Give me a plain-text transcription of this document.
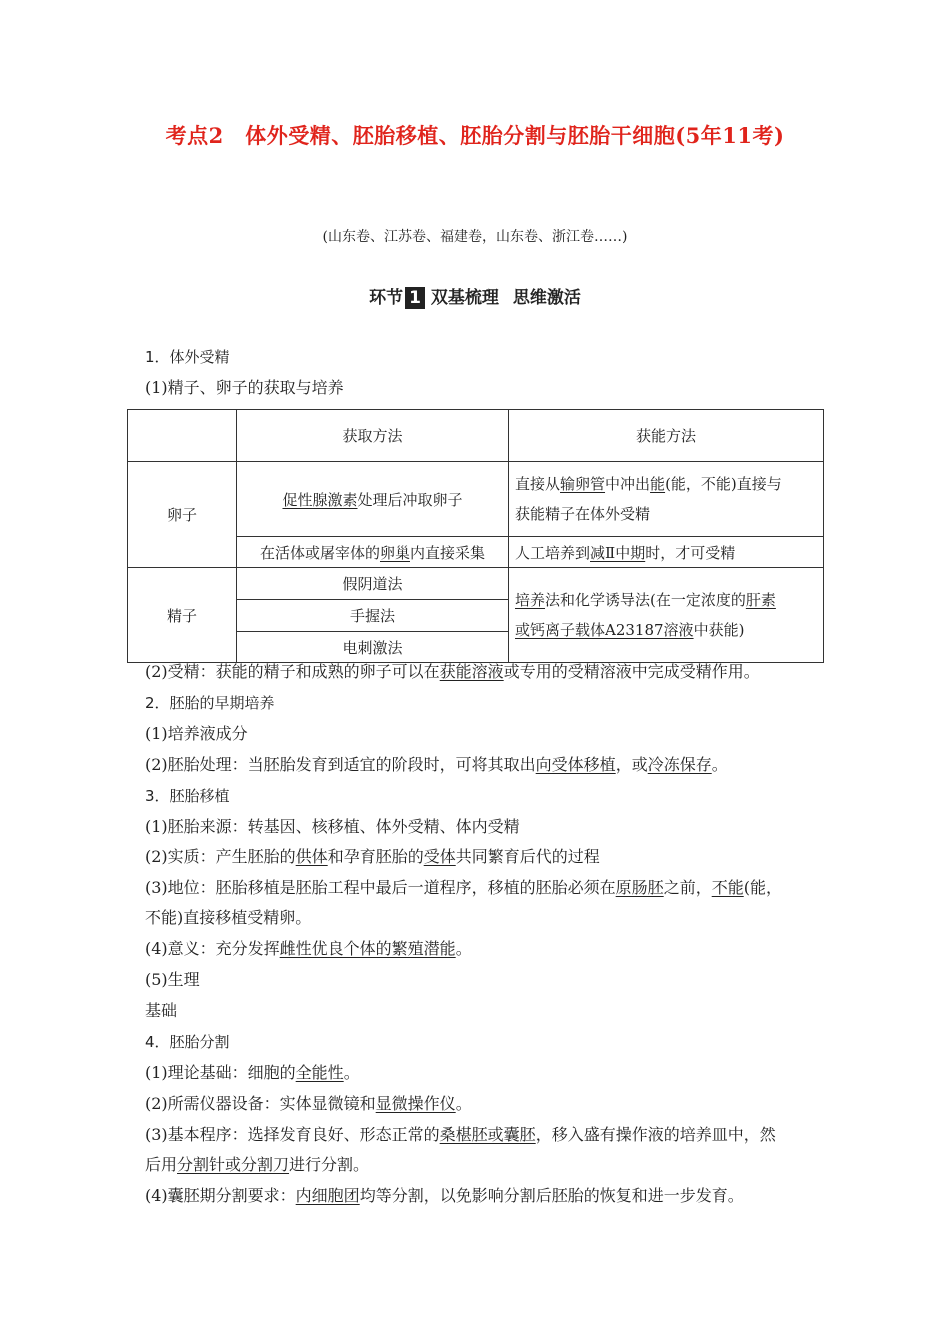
考点2　体外受精、胚胎移植、胚胎分割与胚胎干细胞(5年11考)
(山东卷、江苏卷、福建卷，山东卷、浙江卷……)
环节 1 双基梳理 思维激活
1．体外受精
(1)精子、卵子的获取与培养
	获取方法	获能方法
卵子	促性腺激素处理后冲取卵子	直接从输卵管中冲出能(能，不能)直接与
获能精子在体外受精
	在活体或屠宰体的卵巢内直接采集	人工培养到减Ⅱ中期时，才可受精
精子	假阴道法	培养法和化学诱导法(在一定浓度的肝素
或钙离子载体A23187溶液中获能)
	手握法	
	电刺激法	
(2)受精：获能的精子和成熟的卵子可以在获能溶液或专用的受精溶液中完成受精作用。
2．胚胎的早期培养
(1)培养液成分
(2)胚胎处理：当胚胎发育到适宜的阶段时，可将其取出向受体移植，或冷冻保存。
3．胚胎移植
(1)胚胎来源：转基因、核移植、体外受精、体内受精
(2)实质：产生胚胎的供体和孕育胚胎的受体共同繁育后代的过程
(3)地位：胚胎移植是胚胎工程中最后一道程序，移植的胚胎必须在原肠胚之前，不能(能，
不能)直接移植受精卵。
(4)意义：充分发挥雌性优良个体的繁殖潜能。
(5)生理
基础
4．胚胎分割
(1)理论基础：细胞的全能性。
(2)所需仪器设备：实体显微镜和显微操作仪。
(3)基本程序：选择发育良好、形态正常的桑椹胚或囊胚，移入盛有操作液的培养皿中，然
后用分割针或分割刀进行分割。
(4)囊胚期分割要求：内细胞团均等分割，以免影响分割后胚胎的恢复和进一步发育。
